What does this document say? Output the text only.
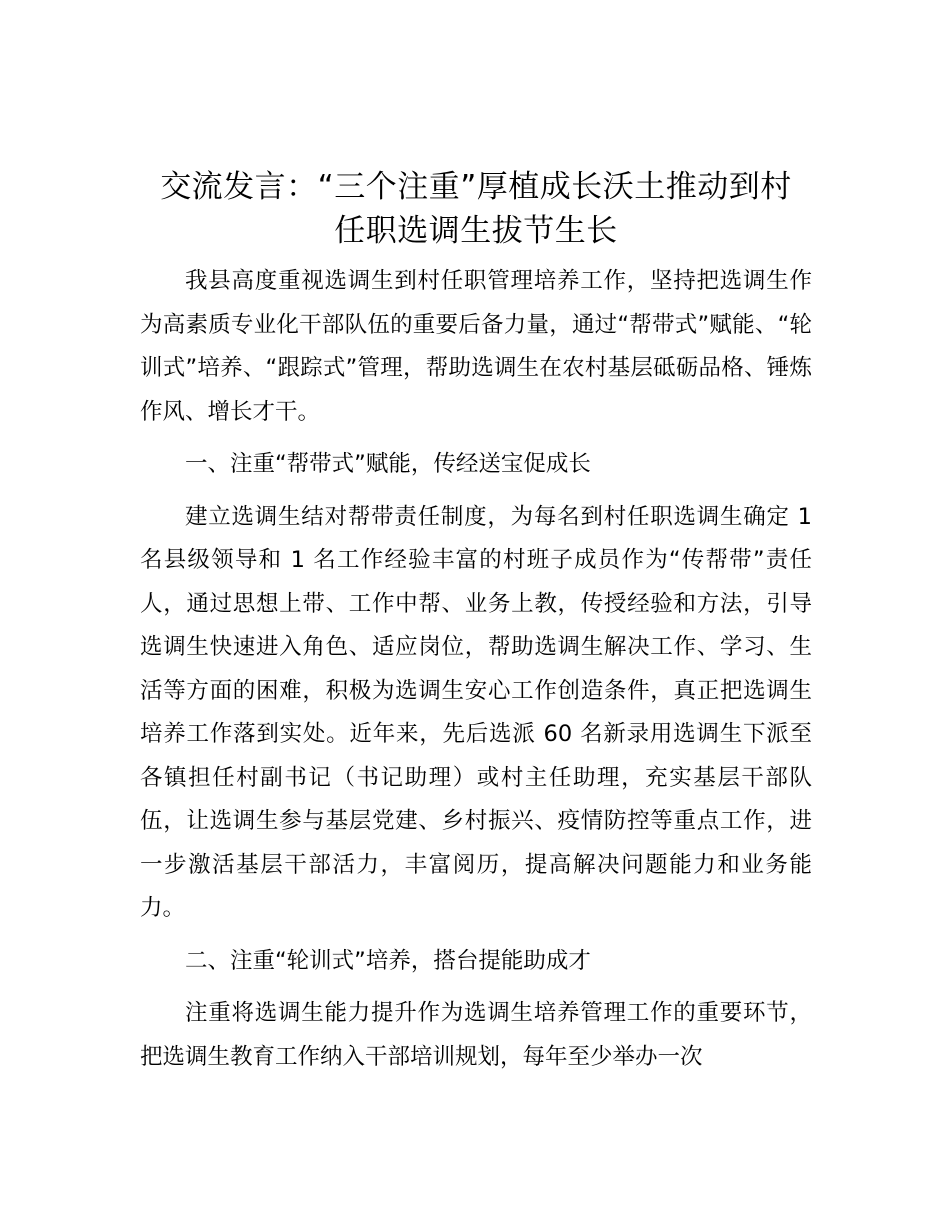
交流发言：“三个注重”厚植成长沃土推动到村
任职选调生拔节生长

我县高度重视选调生到村任职管理培养工作，坚持把选调生作为高素质专业化干部队伍的重要后备力量，通过“帮带式”赋能、“轮训式”培养、“跟踪式”管理，帮助选调生在农村基层砥砺品格、锤炼作风、增长才干。

一、注重“帮带式”赋能，传经送宝促成长

建立选调生结对帮带责任制度，为每名到村任职选调生确定 1 名县级领导和 1 名工作经验丰富的村班子成员作为“传帮带”责任人，通过思想上带、工作中帮、业务上教，传授经验和方法，引导选调生快速进入角色、适应岗位，帮助选调生解决工作、学习、生活等方面的困难，积极为选调生安心工作创造条件，真正把选调生培养工作落到实处。近年来，先后选派 60 名新录用选调生下派至各镇担任村副书记（书记助理）或村主任助理，充实基层干部队伍，让选调生参与基层党建、乡村振兴、疫情防控等重点工作，进一步激活基层干部活力，丰富阅历，提高解决问题能力和业务能力。

二、注重“轮训式”培养，搭台提能助成才

注重将选调生能力提升作为选调生培养管理工作的重要环节，把选调生教育工作纳入干部培训规划，每年至少举办一次
